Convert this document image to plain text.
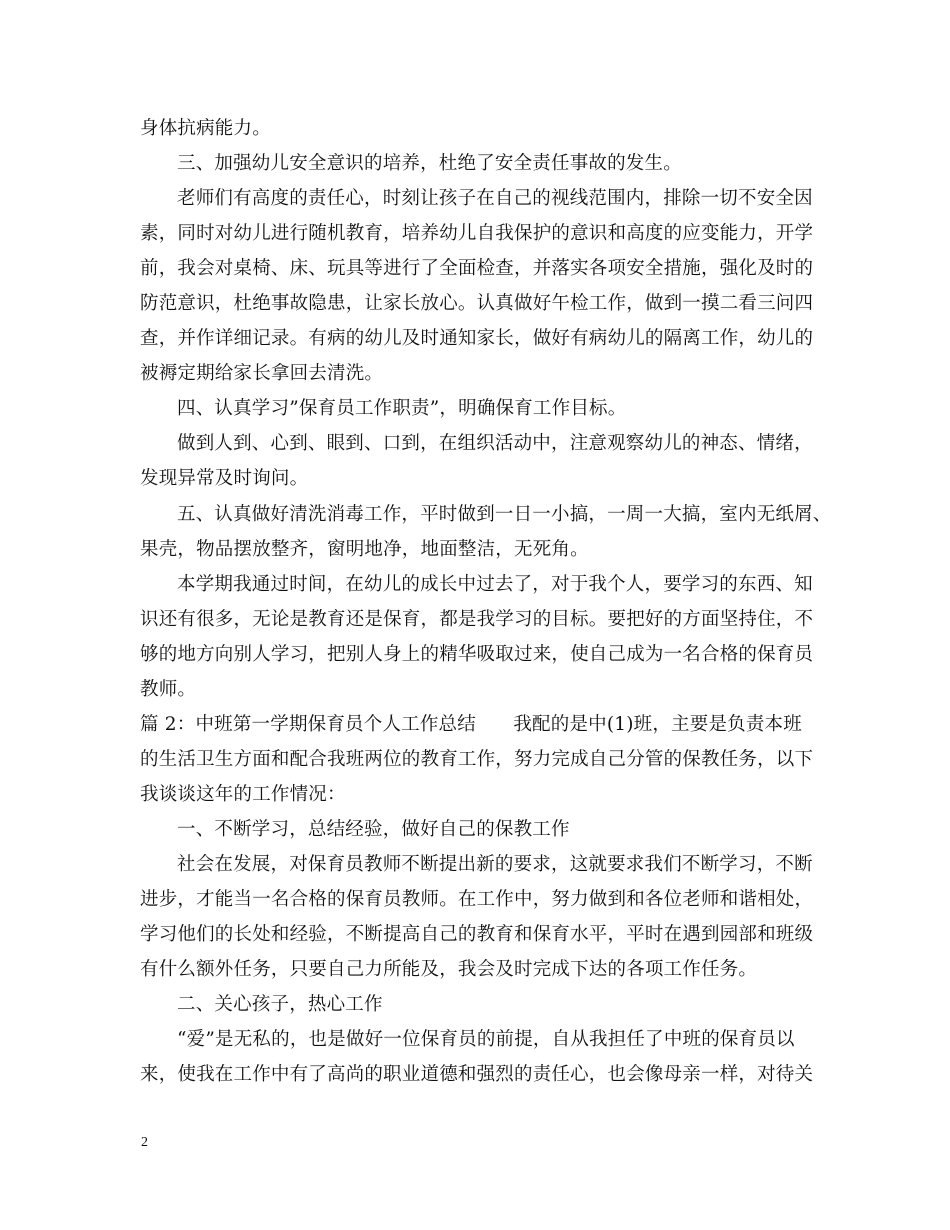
身体抗病能力。
三、加强幼儿安全意识的培养，杜绝了安全责任事故的发生。
老师们有高度的责任心，时刻让孩子在自己的视线范围内，排除一切不安全因
素，同时对幼儿进行随机教育，培养幼儿自我保护的意识和高度的应变能力，开学
前，我会对桌椅、床、玩具等进行了全面检查，并落实各项安全措施，强化及时的
防范意识，杜绝事故隐患，让家长放心。认真做好午检工作，做到一摸二看三问四
查，并作详细记录。有病的幼儿及时通知家长，做好有病幼儿的隔离工作，幼儿的
被褥定期给家长拿回去清洗。
四、认真学习”保育员工作职责”，明确保育工作目标。
做到人到、心到、眼到、口到，在组织活动中，注意观察幼儿的神态、情绪，
发现异常及时询问。
五、认真做好清洗消毒工作，平时做到一日一小搞，一周一大搞，室内无纸屑、
果壳，物品摆放整齐，窗明地净，地面整洁，无死角。
本学期我通过时间，在幼儿的成长中过去了，对于我个人，要学习的东西、知
识还有很多，无论是教育还是保育，都是我学习的目标。要把好的方面坚持住，不
够的地方向别人学习，把别人身上的精华吸取过来，使自己成为一名合格的保育员
教师。
篇 2：中班第一学期保育员个人工作总结　　我配的是中(1)班，主要是负责本班
的生活卫生方面和配合我班两位的教育工作，努力完成自己分管的保教任务，以下
我谈谈这年的工作情况：
一、不断学习，总结经验，做好自己的保教工作
社会在发展，对保育员教师不断提出新的要求，这就要求我们不断学习，不断
进步，才能当一名合格的保育员教师。在工作中，努力做到和各位老师和谐相处，
学习他们的长处和经验，不断提高自己的教育和保育水平，平时在遇到园部和班级
有什么额外任务，只要自己力所能及，我会及时完成下达的各项工作任务。
二、关心孩子，热心工作
“爱”是无私的，也是做好一位保育员的前提，自从我担任了中班的保育员以
来，使我在工作中有了高尚的职业道德和强烈的责任心，也会像母亲一样，对待关
2
